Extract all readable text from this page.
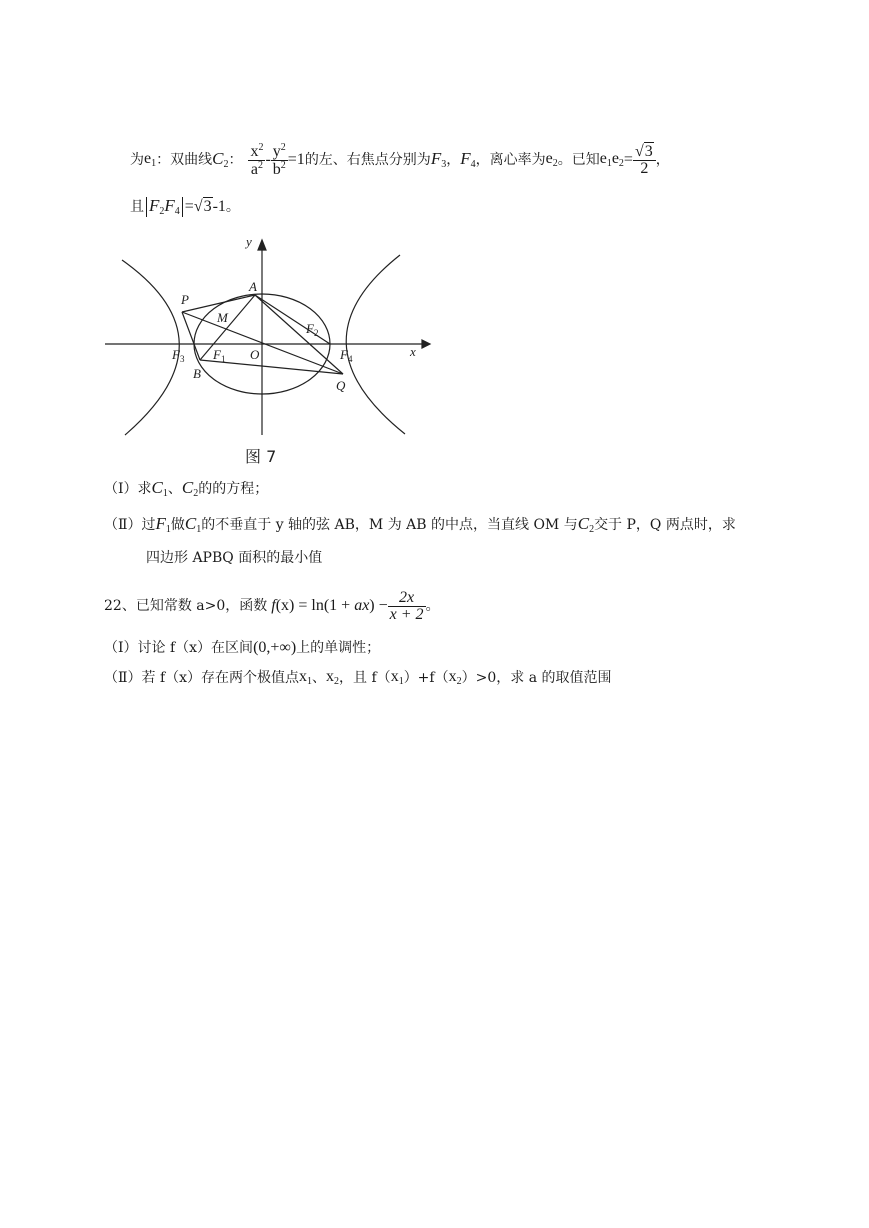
为 $e_1$ ：双曲线 $C_2$ ： $\frac{x^2}{a^2} - \frac{y^2}{b^2} =1$ 的左、右焦点分别为 $F_3$ ， $F_4$ ，离心率为 $e_2$ 。已知 $e_1e_2 = \frac{√3}{2}$ ，
且 $F_2F_4 = √3$ -1 。
y
x
P
A
M
$F_2$
$F_3$ $F_1$ O	$F_4$
B
Q
图 7
（Ⅰ）求 $C_1$ 、 $C_2$ 的的方程；
（Ⅱ）过 $F_1$ 做 $C_1$ 的不垂直于 y 轴的弦 AB，M 为 AB 的中点，当直线 OM 与 $C_2$ 交于 P，Q 两点时，求
四边形 APBQ 面积的最小值
22、已知常数 a>0，函数 $f(x) = \ln(1 + ax) - \frac{2x}{x + 2}$ 。
（Ⅰ）讨论 f（x）在区间 (0,+∞) 上的单调性；
（Ⅱ）若 f（x）存在两个极值点 $x_1$ 、 $x_2$ ，且 f（ $x_1$ ）+f（ $x_2$ ）>0，求 a 的取值范围
